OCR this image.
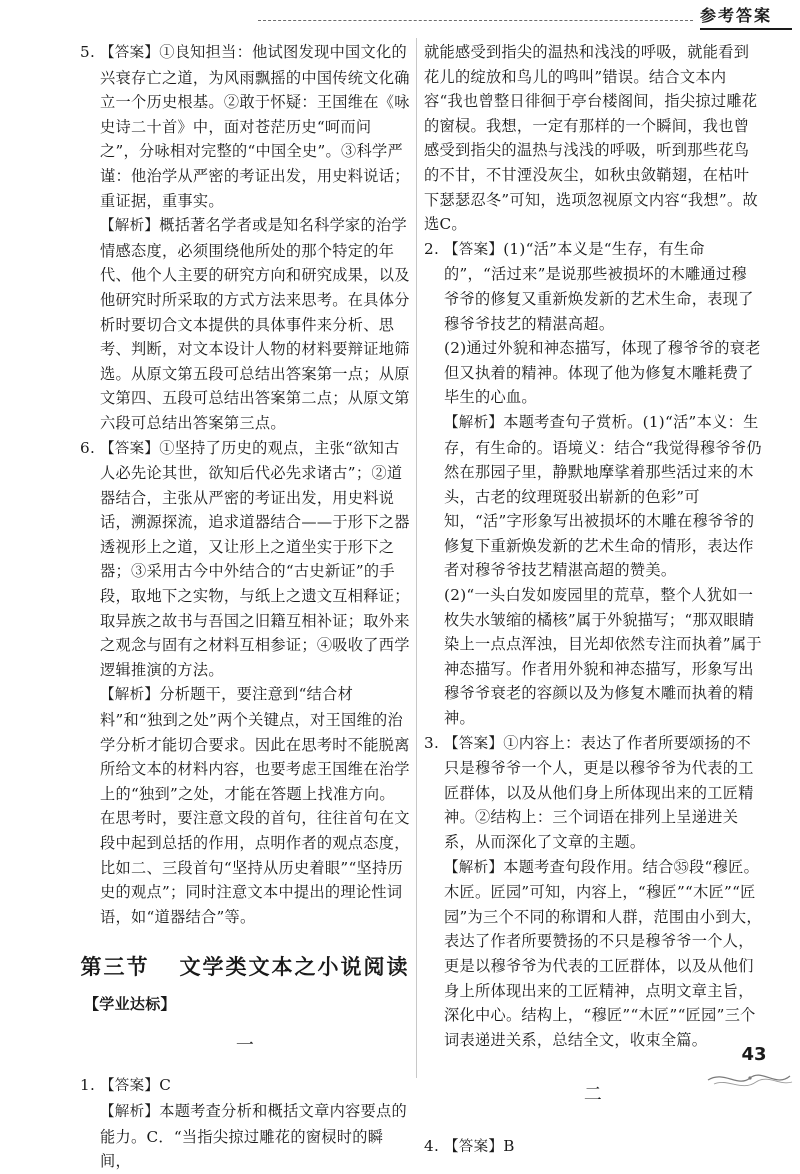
参考答案

5. 【答案】①良知担当：他试图发现中国文化的兴衰存亡之道，为风雨飘摇的中国传统文化确立一个历史根基。②敢于怀疑：王国维在《咏史诗二十首》中，面对苍茫历史“呵而问之”，分咏相对完整的“中国全史”。③科学严谨：他治学从严密的考证出发，用史料说话；重证据，重事实。

【解析】概括著名学者或是知名科学家的治学情感态度，必须围绕他所处的那个特定的年代、他个人主要的研究方向和研究成果，以及他研究时所采取的方式方法来思考。在具体分析时要切合文本提供的具体事件来分析、思考、判断，对文本设计人物的材料要辩证地筛选。从原文第五段可总结出答案第一点；从原文第四、五段可总结出答案第二点；从原文第六段可总结出答案第三点。

6. 【答案】①坚持了历史的观点，主张“欲知古人必先论其世，欲知后代必先求诸古”；②道器结合，主张从严密的考证出发，用史料说话，溯源探流，追求道器结合——于形下之器透视形上之道，又让形上之道坐实于形下之器；③采用古今中外结合的“古史新证”的手段，取地下之实物，与纸上之遗文互相释证；取异族之故书与吾国之旧籍互相补证；取外来之观念与固有之材料互相参证；④吸收了西学逻辑推演的方法。

【解析】分析题干，要注意到“结合材料”和“独到之处”两个关键点，对王国维的治学分析才能切合要求。因此在思考时不能脱离所给文本的材料内容，也要考虑王国维在治学上的“独到”之处，才能在答题上找准方向。在思考时，要注意文段的首句，往往首句在文段中起到总括的作用，点明作者的观点态度，比如二、三段首句“坚持从历史着眼”“坚持历史的观点”；同时注意文本中提出的理论性词语，如“道器结合”等。

第三节 文学类文本之小说阅读
【学业达标】
一

1. 【答案】C

【解析】本题考查分析和概括文章内容要点的能力。C．“当指尖掠过雕花的窗棂时的瞬间，

就能感受到指尖的温热和浅浅的呼吸，就能看到花儿的绽放和鸟儿的鸣叫”错误。结合文本内容“我也曾整日徘徊于亭台楼阁间，指尖掠过雕花的窗棂。我想，一定有那样的一个瞬间，我也曾感受到指尖的温热与浅浅的呼吸，听到那些花鸟的不甘，不甘湮没灰尘，如秋虫敛鞘翅，在枯叶下瑟瑟忍冬”可知，选项忽视原文内容“我想”。故选C。

2. 【答案】(1)“活”本义是“生存，有生命的”，“活过来”是说那些被损坏的木雕通过穆爷爷的修复又重新焕发新的艺术生命，表现了穆爷爷技艺的精湛高超。

(2)通过外貌和神态描写，体现了穆爷爷的衰老但又执着的精神。体现了他为修复木雕耗费了毕生的心血。

【解析】本题考查句子赏析。(1)“活”本义：生存，有生命的。语境义：结合“我觉得穆爷爷仍然在那园子里，静默地摩挲着那些活过来的木头，古老的纹理斑驳出崭新的色彩”可知，“活”字形象写出被损坏的木雕在穆爷爷的修复下重新焕发新的艺术生命的情形，表达作者对穆爷爷技艺精湛高超的赞美。

(2)“一头白发如废园里的荒草，整个人犹如一枚失水皱缩的橘核”属于外貌描写；“那双眼睛染上一点点浑浊，目光却依然专注而执着”属于神态描写。作者用外貌和神态描写，形象写出穆爷爷衰老的容颜以及为修复木雕而执着的精神。

3. 【答案】①内容上：表达了作者所要颂扬的不只是穆爷爷一个人，更是以穆爷爷为代表的工匠群体，以及从他们身上所体现出来的工匠精神。②结构上：三个词语在排列上呈递进关系，从而深化了文章的主题。

【解析】本题考查句段作用。结合㉟段“穆匠。木匠。匠园”可知，内容上，“穆匠”“木匠”“匠园”为三个不同的称谓和人群，范围由小到大，表达了作者所要赞扬的不只是穆爷爷一个人，更是以穆爷爷为代表的工匠群体，以及从他们身上所体现出来的工匠精神，点明文章主旨，深化中心。结构上，“穆匠”“木匠”“匠园”三个词表递进关系，总结全文，收束全篇。

二

4. 【答案】B

43
